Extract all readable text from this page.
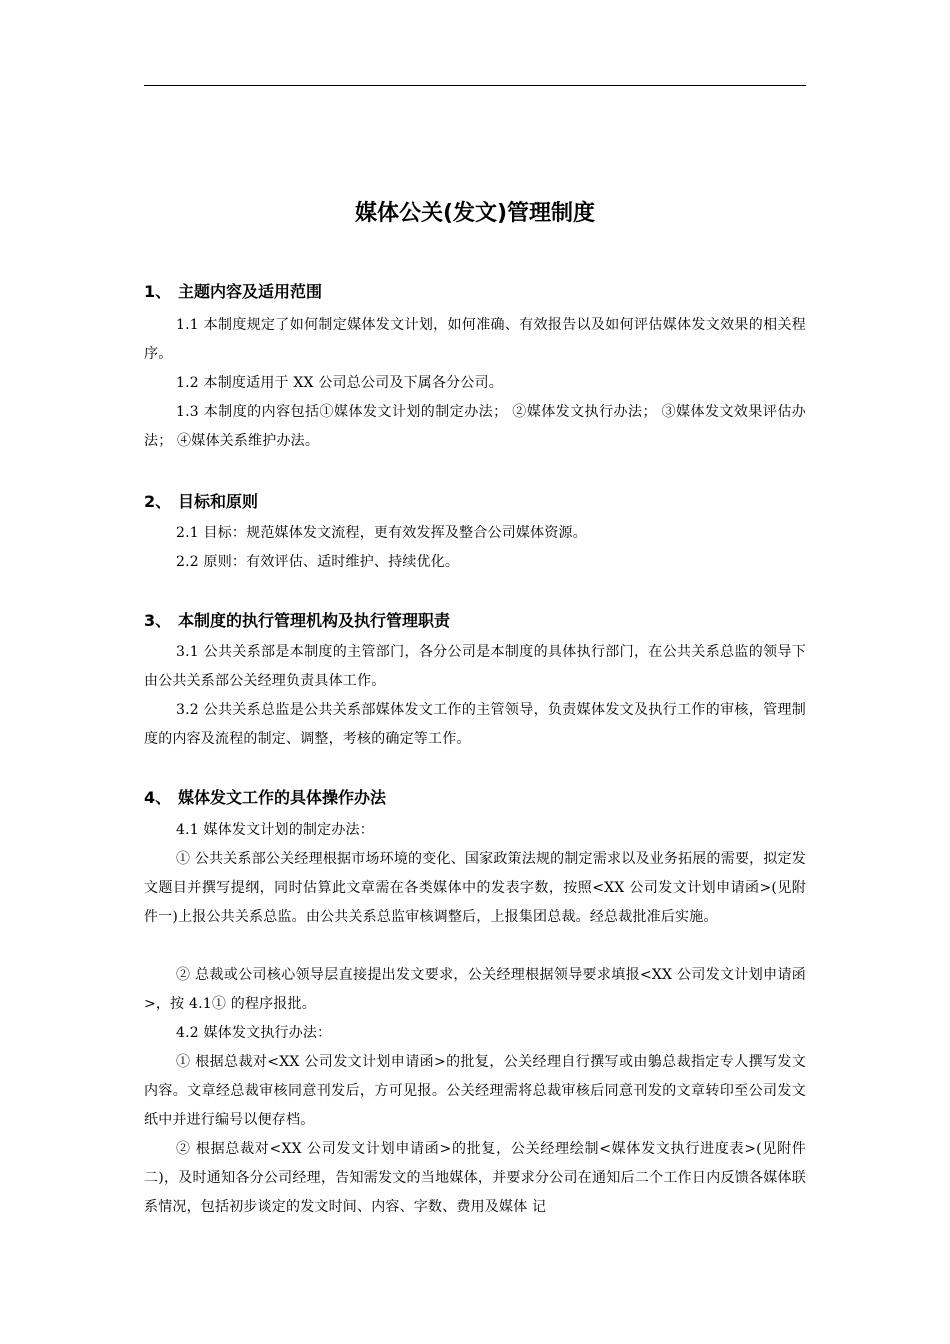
媒体公关(发文)管理制度
1、 主题内容及适用范围

1.1 本制度规定了如何制定媒体发文计划，如何准确、有效报告以及如何评估媒体发文效果的相关程序。

1.2 本制度适用于 XX 公司总公司及下属各分公司。

1.3 本制度的内容包括①媒体发文计划的制定办法； ②媒体发文执行办法； ③媒体发文效果评估办法； ④媒体关系维护办法。

2、 目标和原则

2.1 目标：规范媒体发文流程，更有效发挥及整合公司媒体资源。

2.2 原则：有效评估、适时维护、持续优化。

3、 本制度的执行管理机构及执行管理职责

3.1 公共关系部是本制度的主管部门，各分公司是本制度的具体执行部门，在公共关系总监的领导下由公共关系部公关经理负责具体工作。

3.2 公共关系总监是公共关系部媒体发文工作的主管领导，负责媒体发文及执行工作的审核，管理制度的内容及流程的制定、调整，考核的确定等工作。

4、 媒体发文工作的具体操作办法

4.1 媒体发文计划的制定办法：

① 公共关系部公关经理根据市场环境的变化、国家政策法规的制定需求以及业务拓展的需要，拟定发文题目并撰写提纲，同时估算此文章需在各类媒体中的发表字数，按照<XX 公司发文计划申请函>(见附件一)上报公共关系总监。由公共关系总监审核调整后，上报集团总裁。经总裁批准后实施。

② 总裁或公司核心领导层直接提出发文要求，公关经理根据领导要求填报<XX 公司发文计划申请函>，按 4.1① 的程序报批。

4.2 媒体发文执行办法：

① 根据总裁对<XX 公司发文计划申请函>的批复，公关经理自行撰写或由鵢总裁指定专人撰写发文内容。文章经总裁审核同意刊发后，方可见报。公关经理需将总裁审核后同意刊发的文章转印至公司发文纸中并进行编号以便存档。

② 根据总裁对<XX 公司发文计划申请函>的批复，公关经理绘制<媒体发文执行进度表>(见附件二)，及时通知各分公司经理，告知需发文的当地媒体，并要求分公司在通知后二个工作日内反馈各媒体联系情况，包括初步谈定的发文时间、内容、字数、费用及媒体 记
